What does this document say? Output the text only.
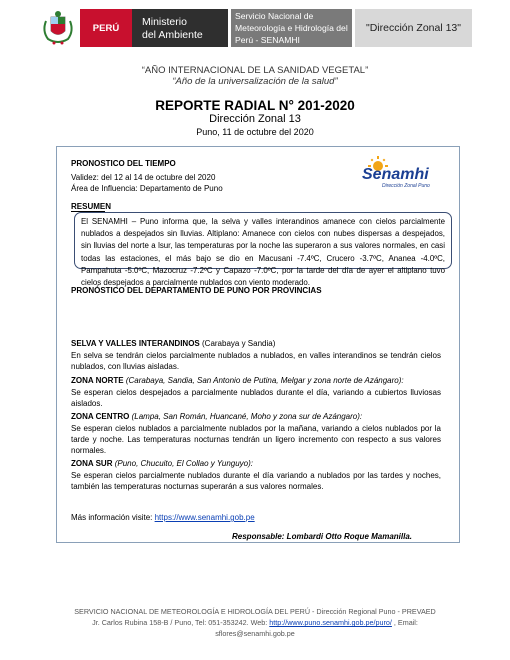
PERÚ	Ministerio
del Ambiente
Servicio Nacional de
Meteorología e Hidrología del
Perú - SENAMHI
"Dirección Zonal 13"
“AÑO INTERNACIONAL DE LA SANIDAD VEGETAL”
“Año de la universalización de la salud”
REPORTE RADIAL N° 201-2020
Dirección Zonal 13
Puno, 11 de octubre del 2020
PRONOSTICO DEL TIEMPO
Validez: del 12 al 14 de octubre del 2020
Área de Influencia: Departamento de Puno
Senamhi
Dirección Zonal Puno
RESUMEN
El SENAMHI – Puno informa que, la selva y valles interandinos amanece con cielos parcialmente nublados a despejados sin lluvias. Altiplano: Amanece con cielos con nubes dispersas a despejados, sin lluvias del norte a lsur, las temperaturas por la noche las superaron a sus valores normales, en casi todas las estaciones, el más bajo se dio en Macusani -7.4ºC, Crucero -3.7ºC, Ananea -4.0ºC, Pampahuta -5.0ºC, Mazocruz -7.2ºC y Capazo -7.0ºC, por la tarde del día de ayer el altiplano tuvo cielos despejados a parcialmente nublados con viento moderado.
PRONÓSTICO DEL DEPARTAMENTO DE PUNO POR PROVINCIAS
SELVA Y VALLES INTERANDINOS (Carabaya y Sandia)
En selva se tendrán cielos parcialmente nublados a nublados, en valles interandinos se tendrán cielos nublados, con lluvias aisladas.
ZONA NORTE (Carabaya, Sandia, San Antonio de Putina, Melgar y zona norte de Azángaro):
Se esperan cielos despejados a parcialmente nublados durante el día, variando a cubiertos lluviosas aislados.
ZONA CENTRO (Lampa, San Román, Huancané, Moho y zona sur de Azángaro):
Se esperan cielos nublados a parcialmente nublados por la mañana, variando a cielos nublados por la tarde y noche. Las temperaturas nocturnas tendrán un ligero incremento con respecto a sus valores normales.
ZONA SUR (Puno, Chucuito, El Collao y Yunguyo):
Se esperan cielos parcialmente nublados durante el día variando a nublados por las tardes y noches, también las temperaturas nocturnas superarán a sus valores normales.
Más información visite: https://www.senamhi.gob.pe
Responsable: Lombardi Otto Roque Mamanilla.
SERVICIO NACIONAL DE METEOROLOGÍA E HIDROLOGÍA DEL PERÚ - Dirección Regional Puno - PREVAED
Jr. Carlos Rubina 158-B / Puno, Tel: 051-353242. Web: http://www.puno.senamhi.gob.pe/puro/ , Email:
sflores@senamhi.gob.pe
